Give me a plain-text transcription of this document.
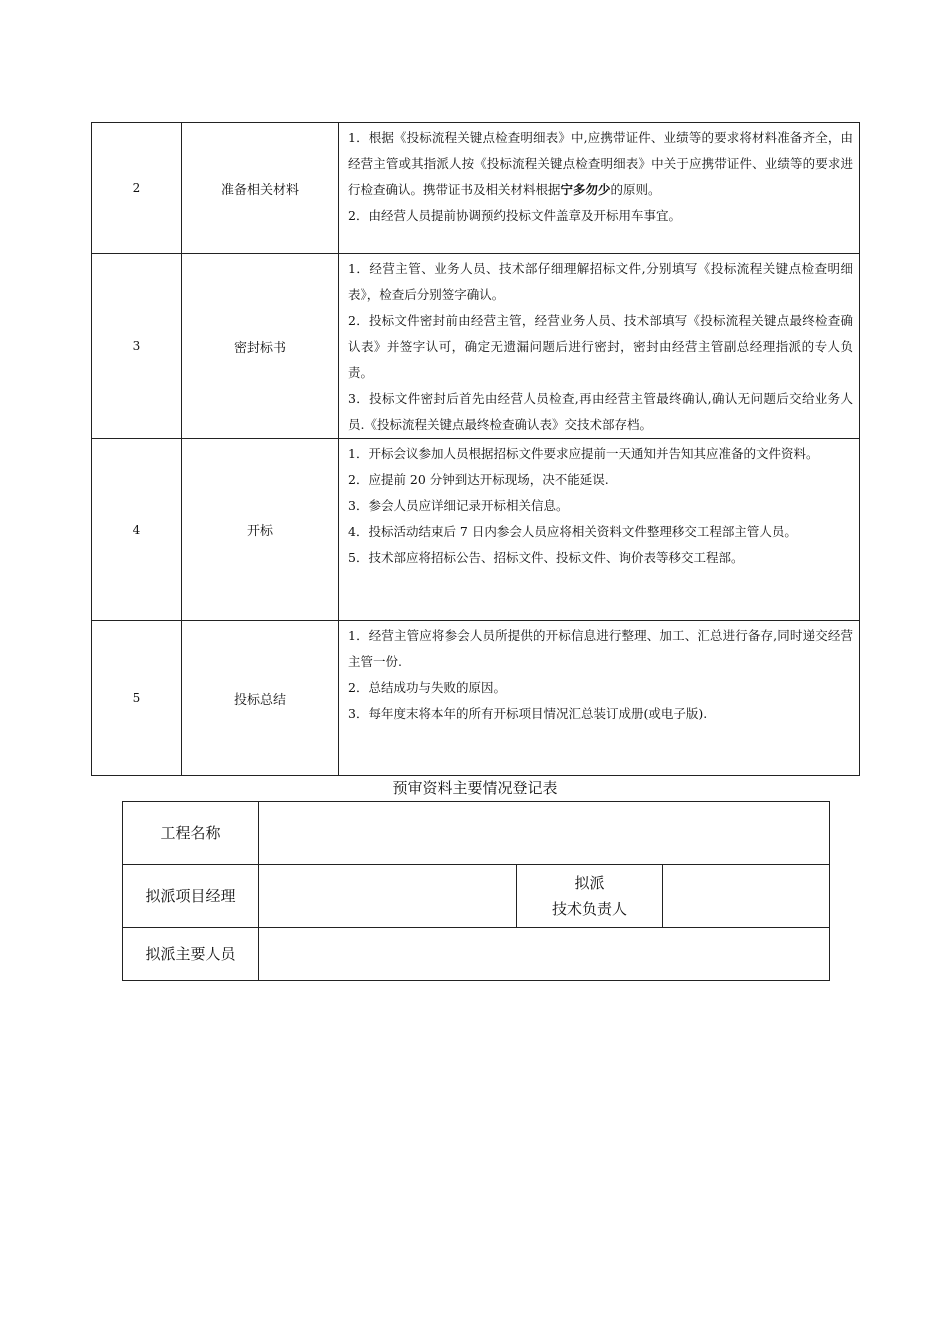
2	准备相关材料	1．根据《投标流程关键点检查明细表》中,应携带证件、业绩等的要求将材料准备齐全，由经营主管或其指派人按《投标流程关键点检查明细表》中关于应携带证件、业绩等的要求进行检查确认。携带证书及相关材料根据宁多勿少的原则。

2．由经营人员提前协调预约投标文件盖章及开标用车事宜。

3	密封标书	1．经营主管、业务人员、技术部仔细理解招标文件,分别填写《投标流程关键点检查明细表》，检查后分别签字确认。

2．投标文件密封前由经营主管，经营业务人员、技术部填写《投标流程关键点最终检查确认表》并签字认可，确定无遗漏问题后进行密封，密封由经营主管副总经理指派的专人负责。

3．投标文件密封后首先由经营人员检查,再由经营主管最终确认,确认无问题后交给业务人员.《投标流程关键点最终检查确认表》交技术部存档。

4	开标	1．开标会议参加人员根据招标文件要求应提前一天通知并告知其应准备的文件资料。

2．应提前 20 分钟到达开标现场，决不能延误.

3．参会人员应详细记录开标相关信息。

4．投标活动结束后 7 日内参会人员应将相关资料文件整理移交工程部主管人员。

5．技术部应将招标公告、招标文件、投标文件、询价表等移交工程部。

5	投标总结	1．经营主管应将参会人员所提供的开标信息进行整理、加工、汇总进行备存,同时递交经营主管一份.

2．总结成功与失败的原因。

3．每年度末将本年的所有开标项目情况汇总装订成册(或电子版).

预审资料主要情况登记表
工程名称			
拟派项目经理		拟派
技术负责人	

拟派主要人员			
